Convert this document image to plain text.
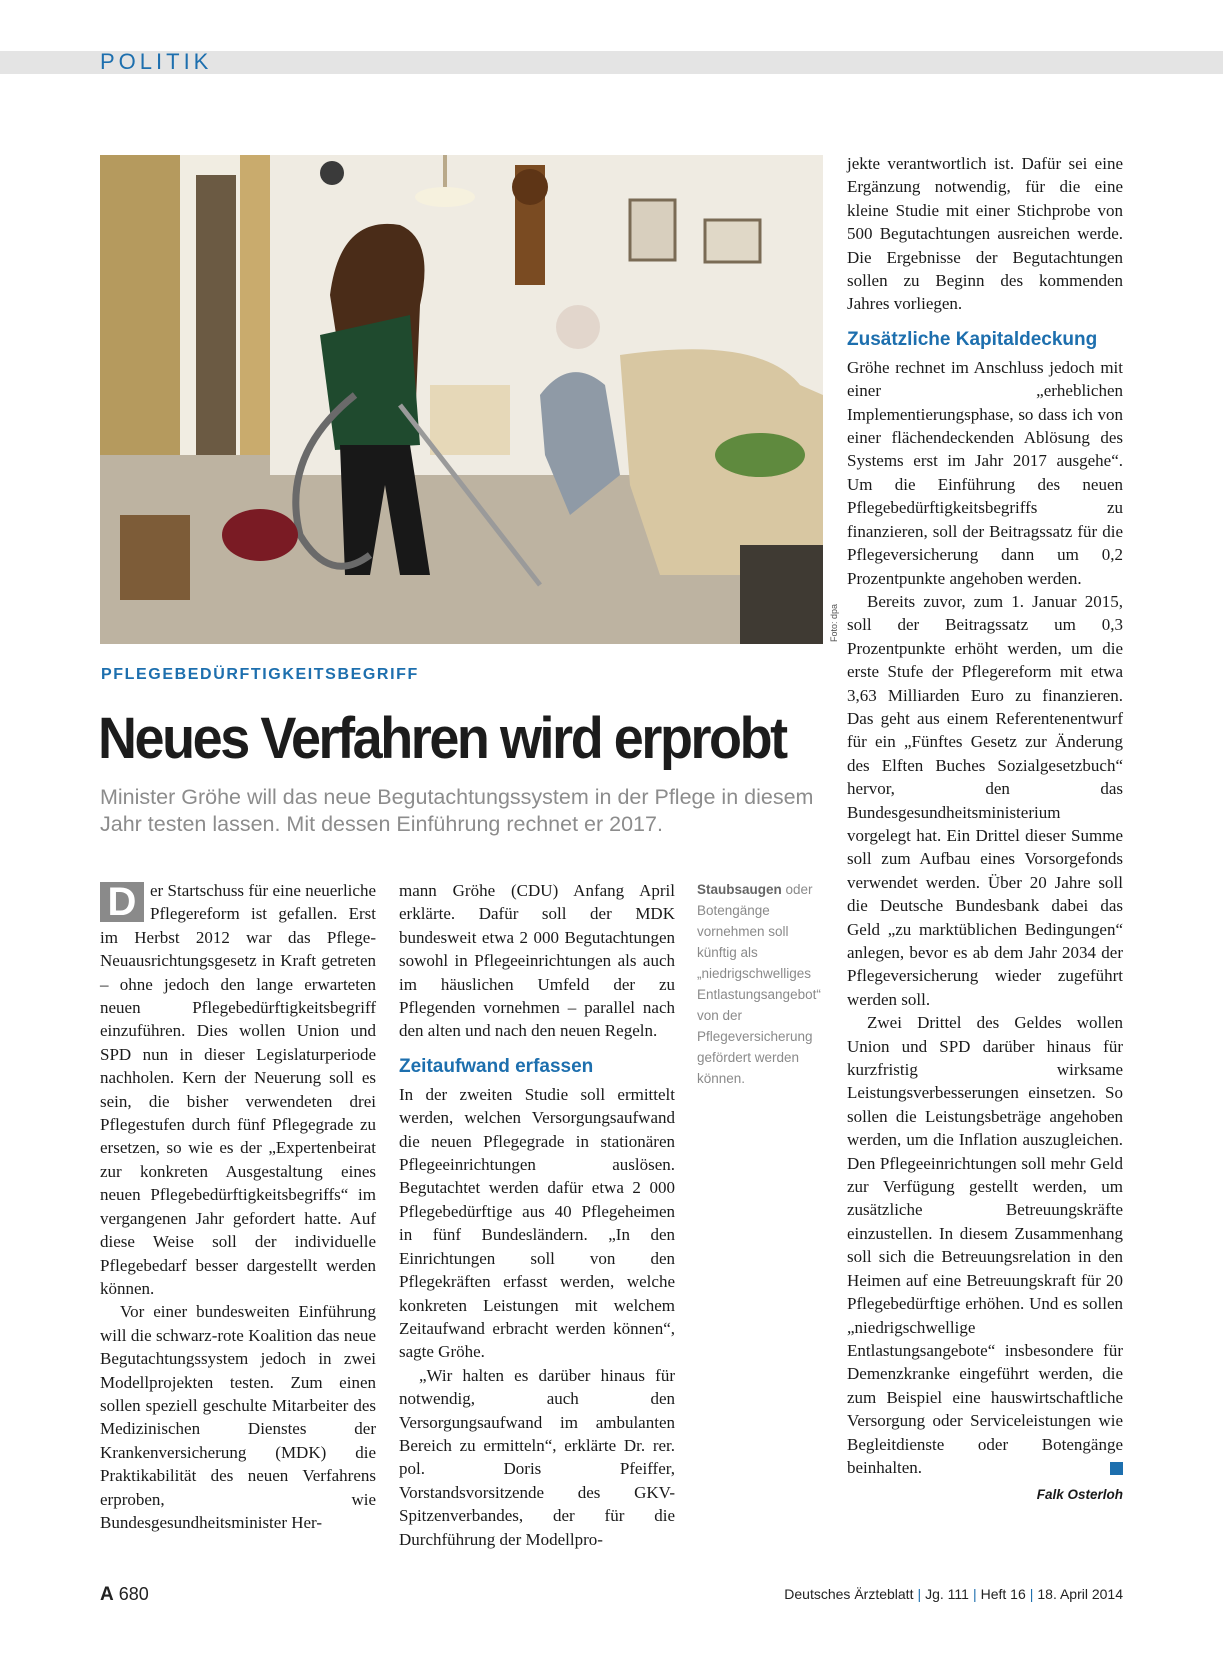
POLITIK
Foto: dpa
PFLEGEBEDÜRFTIGKEITSBEGRIFF
Neues Verfahren wird erprobt
Minister Gröhe will das neue Begutachtungssystem in der Pflege in diesem Jahr testen lassen. Mit dessen Einführung rechnet er 2017.

D er Startschuss für eine neuerliche Pflegereform ist gefallen. Erst im Herbst 2012 war das Pflege-Neuausrichtungsgesetz in Kraft getreten – ohne jedoch den lange erwarteten neuen Pflegebedürftigkeitsbegriff einzuführen. Dies wollen Union und SPD nun in dieser Legislaturperiode nachholen. Kern der Neuerung soll es sein, die bisher verwendeten drei Pflegestufen durch fünf Pflegegrade zu ersetzen, so wie es der „Expertenbeirat zur konkreten Ausgestaltung eines neuen Pflegebedürftigkeitsbegriffs“ im vergangenen Jahr gefordert hatte. Auf diese Weise soll der individuelle Pflegebedarf besser dargestellt werden können.

Vor einer bundesweiten Einführung will die schwarz-rote Koalition das neue Begutachtungssystem jedoch in zwei Modellprojekten testen. Zum einen sollen speziell geschulte Mitarbeiter des Medizinischen Dienstes der Krankenversicherung (MDK) die Praktikabilität des neuen Verfahrens erproben, wie Bundesgesundheitsminister Her-

mann Gröhe (CDU) Anfang April erklärte. Dafür soll der MDK bundesweit etwa 2 000 Begutachtungen sowohl in Pflegeeinrichtungen als auch im häuslichen Umfeld der zu Pflegenden vornehmen – parallel nach den alten und nach den neuen Regeln.

Zeitaufwand erfassen

In der zweiten Studie soll ermittelt werden, welchen Versorgungsaufwand die neuen Pflegegrade in stationären Pflegeeinrichtungen auslösen. Begutachtet werden dafür etwa 2 000 Pflegebedürftige aus 40 Pflegeheimen in fünf Bundesländern. „In den Einrichtungen soll von den Pflegekräften erfasst werden, welche konkreten Leistungen mit welchem Zeitaufwand erbracht werden können“, sagte Gröhe.

„Wir halten es darüber hinaus für notwendig, auch den Versorgungsaufwand im ambulanten Bereich zu ermitteln“, erklärte Dr. rer. pol. Doris Pfeiffer, Vorstandsvorsitzende des GKV-Spitzenverbandes, der für die Durchführung der Modellpro-

Staubsaugen oder Botengänge vornehmen soll künftig als „niedrigschwelliges Entlastungsangebot“ von der Pflegeversicherung gefördert werden können.

jekte verantwortlich ist. Dafür sei eine Ergänzung notwendig, für die eine kleine Studie mit einer Stichprobe von 500 Begutachtungen ausreichen werde. Die Ergebnisse der Begutachtungen sollen zu Beginn des kommenden Jahres vorliegen.

Zusätzliche Kapitaldeckung

Gröhe rechnet im Anschluss jedoch mit einer „erheblichen Implementierungsphase, so dass ich von einer flächendeckenden Ablösung des Systems erst im Jahr 2017 ausgehe“. Um die Einführung des neuen Pflegebedürftigkeitsbegriffs zu finanzieren, soll der Beitragssatz für die Pflegeversicherung dann um 0,2 Prozentpunkte angehoben werden.

Bereits zuvor, zum 1. Januar 2015, soll der Beitragssatz um 0,3 Prozentpunkte erhöht werden, um die erste Stufe der Pflegereform mit etwa 3,63 Milliarden Euro zu finanzieren. Das geht aus einem Referentenentwurf für ein „Fünftes Gesetz zur Änderung des Elften Buches Sozialgesetzbuch“ hervor, den das Bundesgesundheitsministerium vorgelegt hat. Ein Drittel dieser Summe soll zum Aufbau eines Vorsorgefonds verwendet werden. Über 20 Jahre soll die Deutsche Bundesbank dabei das Geld „zu marktüblichen Bedingungen“ anlegen, bevor es ab dem Jahr 2034 der Pflegeversicherung wieder zugeführt werden soll.

Zwei Drittel des Geldes wollen Union und SPD darüber hinaus für kurzfristig wirksame Leistungsverbesserungen einsetzen. So sollen die Leistungsbeträge angehoben werden, um die Inflation auszugleichen. Den Pflegeeinrichtungen soll mehr Geld zur Verfügung gestellt werden, um zusätzliche Betreuungskräfte einzustellen. In diesem Zusammenhang soll sich die Betreuungsrelation in den Heimen auf eine Betreuungskraft für 20 Pflegebedürftige erhöhen. Und es sollen „niedrigschwellige Entlastungsangebote“ insbesondere für Demenzkranke eingeführt werden, die zum Beispiel eine hauswirtschaftliche Versorgung oder Serviceleistungen wie Begleitdienste oder Botengänge beinhalten.

Falk Osterloh
A 680	Deutsches Ärzteblatt | Jg. 111 | Heft 16 | 18. April 2014
